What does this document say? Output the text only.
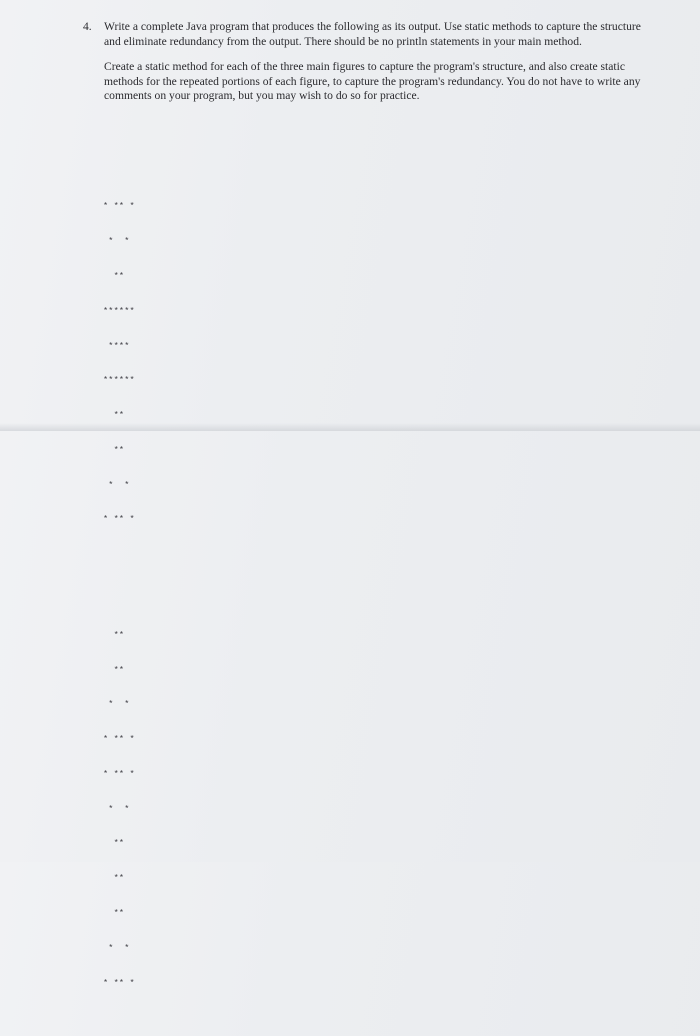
4. Write a complete Java program that produces the following as its output. Use static methods to capture the structure and eliminate redundancy from the output. There should be no println statements in your main method.

Create a static method for each of the three main figures to capture the program's structure, and also create static methods for the repeated portions of each figure, to capture the program's redundancy. You do not have to write any comments on your program, but you may wish to do so for practice.

* ** *

*  *

**

******

****

******

**

**

*  *

* ** *

**

**

*  *

* ** *

* ** *

*  *

**

**

**

*  *

* ** *
